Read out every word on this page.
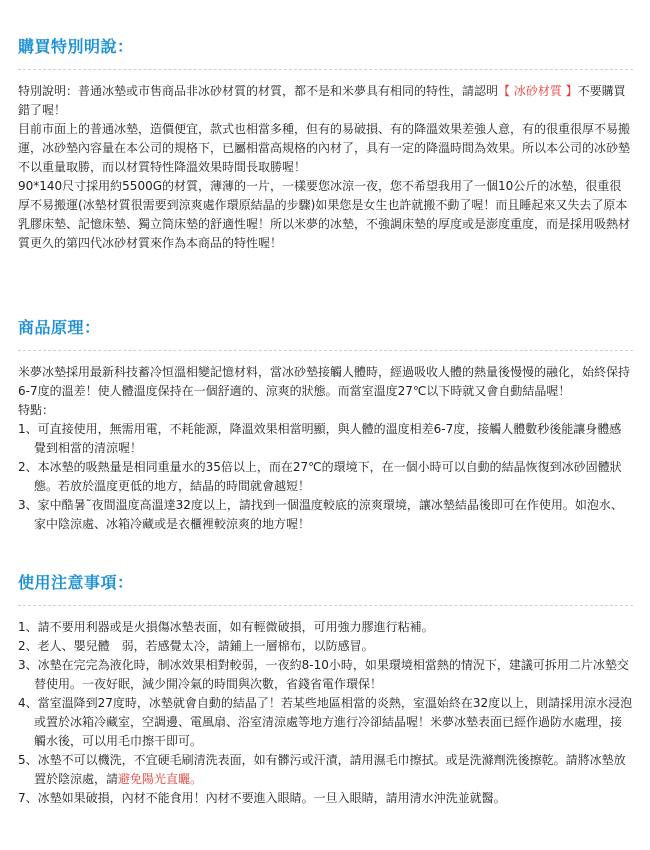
購買特別明說：

特別說明：普通冰墊或市售商品非冰砂材質的材質，都不是和米夢具有相同的特性，請認明【 冰砂材質 】不要購買錯了喔！

目前市面上的普通冰墊，造價便宜，款式也相當多種，但有的易破損、有的降溫效果差強人意，有的很重很厚不易搬運，冰砂墊內容量在本公司的規格下，已屬相當高規格的內材了，具有一定的降溫時間為效果。所以本公司的冰砂墊不以重量取勝，而以材質特性降溫效果時間長取勝喔！

90*140尺寸採用約5500G的材質，薄薄的一片，一樣要您冰涼一夜，您不希望我用了一個10公斤的冰墊，很重很厚不易搬運(冰墊材質很需要到涼爽處作環原結晶的步驟)如果您是女生也許就搬不動了喔！而且睡起來又失去了原本乳膠床墊、記憶床墊、獨立筒床墊的舒適性喔！所以米夢的冰墊，不強調床墊的厚度或是澎度重度，而是採用吸熱材質更久的第四代冰砂材質來作為本商品的特性喔！

商品原理：

米夢冰墊採用最新科技蓄冷恒溫相變記憶材料，當冰砂墊接觸人體時，經過吸收人體的熱量後慢慢的融化，始終保持6-7度的溫差！使人體溫度保持在一個舒適的、涼爽的狀態。而當室溫度27℃以下時就又會自動結晶喔！

特點：

1、可直接使用，無需用電，不耗能源，降溫效果相當明顯，與人體的溫度相差6-7度，接觸人體數秒後能讓身體感覺到相當的清涼喔！
2、本冰墊的吸熱量是相同重量水的35倍以上，而在27℃的環境下，在一個小時可以自動的結晶恢復到冰砂固體狀態。若放於溫度更低的地方，結晶的時間就會越短！
3、家中酷暑˜夜間溫度高溫達32度以上，請找到一個溫度較底的涼爽環境，讓冰墊結晶後即可在作使用。如泡水、家中陰涼處、冰箱冷藏或是衣櫃裡較涼爽的地方喔！
使用注意事項：
1、請不要用利器或是火損傷冰墊表面，如有輕微破損，可用強力膠進行粘補。
2、老人、嬰兒體　弱，若感覺太冷，請鋪上一層棉布，以防感冒。
3、冰墊在完完為液化時，制冰效果相對較弱，一夜約8-10小時，如果環境相當熱的情況下，建議可拆用二片冰墊交替使用。一夜好眠，減少開冷氣的時間與次數，省錢省電作環保！
4、當室溫降到27度時，冰墊就會自動的結晶了！若某些地區相當的炎熱，室溫始終在32度以上，則請採用涼水浸泡或置於冰箱冷藏室，空調邊、電風扇、浴室清涼處等地方進行冷卻結晶喔！米夢冰墊表面已經作過防水處理，接觸水後，可以用毛巾擦干即可。
5、冰墊不可以機洗，不宜硬毛刷清洗表面，如有髒污或汗漬，請用濕毛巾擦拭。或是洗滌劑洗後擦乾。請將冰墊放置於陰涼處，請避免陽光直曬。
7、冰墊如果破損，內材不能食用！內材不要進入眼睛。一旦入眼睛，請用清水沖洗並就醫。
